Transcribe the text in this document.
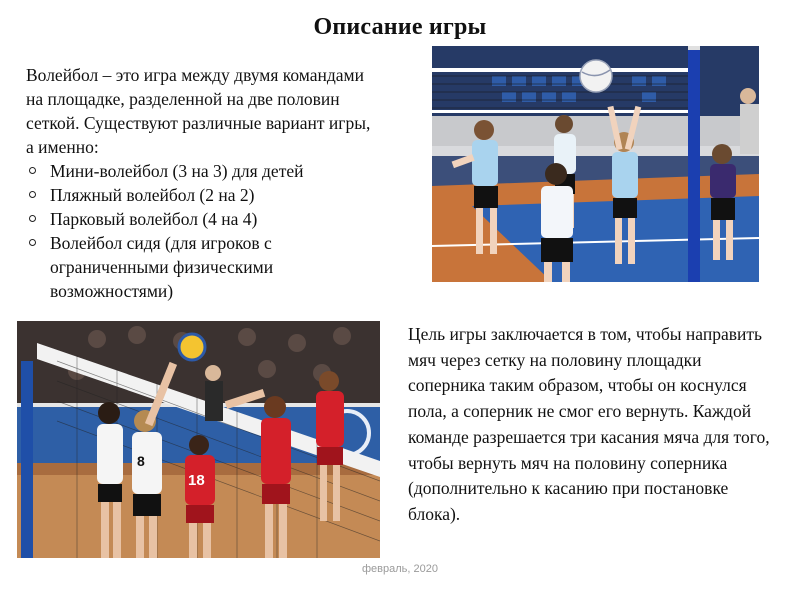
Описание игры

Волейбол – это игра между двумя командами на площадке, разделенной на две половин сеткой. Существуют различные вариант игры, а именно:

Мини-волейбол (3 на 3) для детей
Пляжный волейбол (2 на 2)
Парковый волейбол (4 на 4)
Волейбол сидя (для игроков с ограниченными физическими возможностями)
8
18
Цель игры заключается в том, чтобы направить мяч через сетку на половину площадки соперника таким образом, чтобы он коснулся пола, а соперник не смог его вернуть. Каждой команде разрешается три касания мяча для того, чтобы вернуть мяч на половину соперника (дополнительно к касанию при постановке блока).
февраль, 2020
